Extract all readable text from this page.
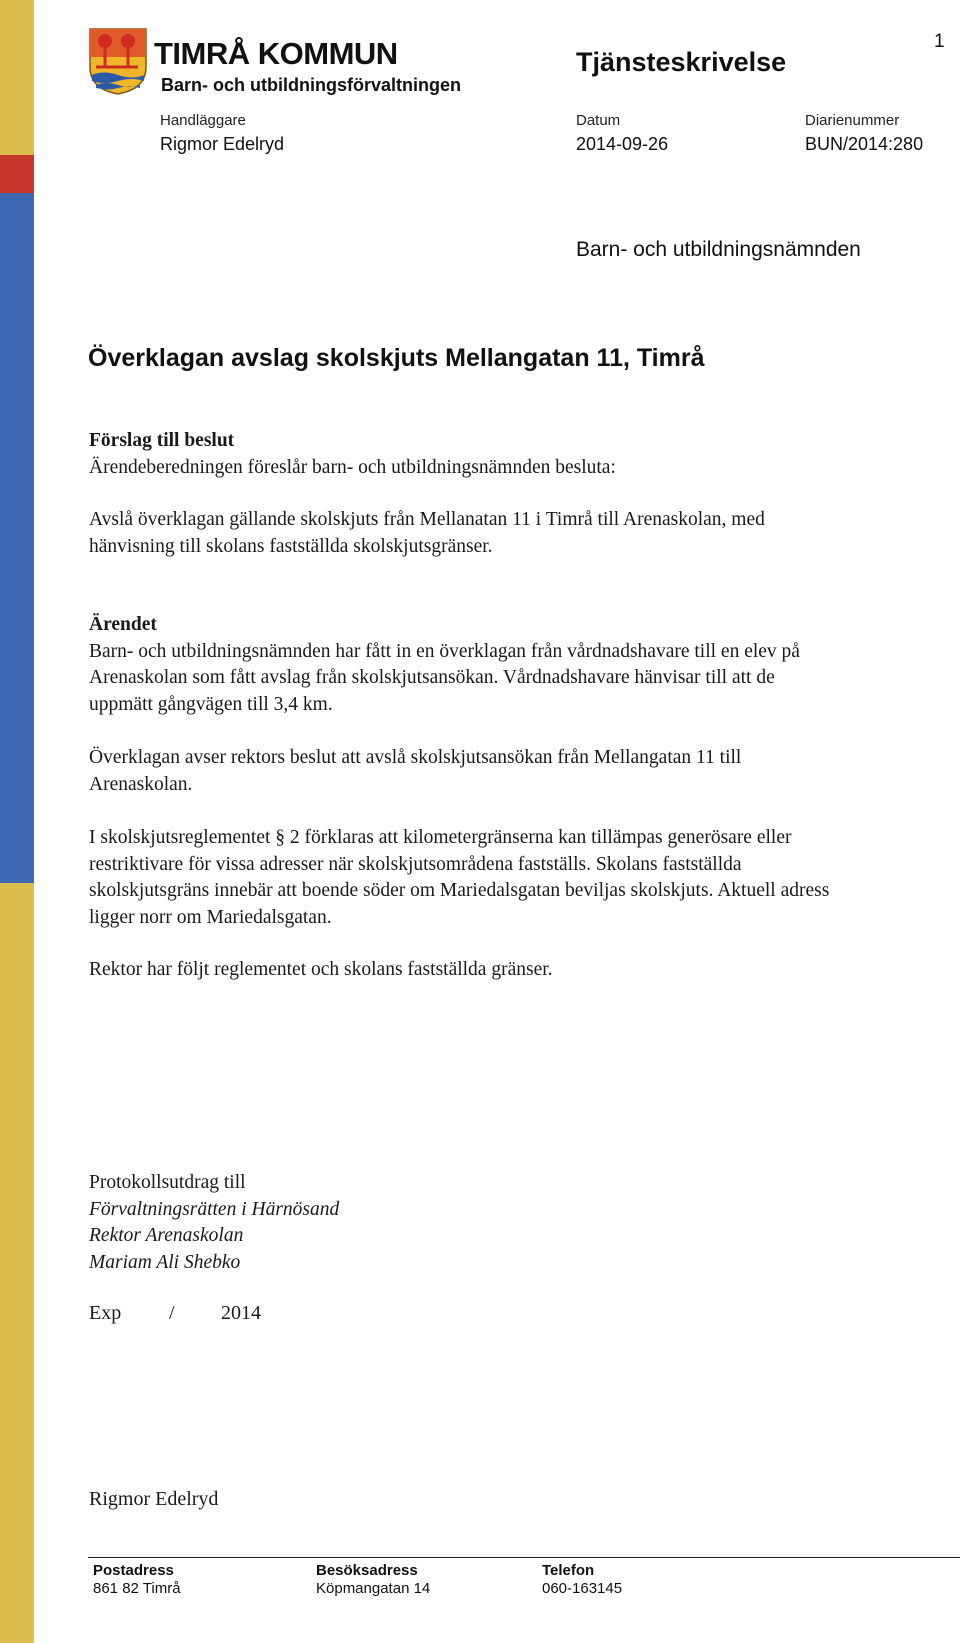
TIMRÅ KOMMUN
Barn- och utbildningsförvaltningen
Tjänsteskrivelse
1
Handläggare
Rigmor Edelryd
Datum
2014-09-26
Diarienummer
BUN/2014:280
Barn- och utbildningsnämnden
Överklagan avslag skolskjuts Mellangatan 11, Timrå

Förslag till beslut

Ärendeberedningen föreslår barn- och utbildningsnämnden besluta:

Avslå överklagan gällande skolskjuts från Mellanatan 11 i Timrå till Arenaskolan, med

hänvisning till skolans fastställda skolskjutsgränser.

Ärendet

Barn- och utbildningsnämnden har fått in en överklagan från vårdnadshavare till en elev på

Arenaskolan som fått avslag från skolskjutsansökan. Vårdnadshavare hänvisar till att de

uppmätt gångvägen till 3,4 km.

Överklagan avser rektors beslut att avslå skolskjutsansökan från Mellangatan 11 till

Arenaskolan.

I skolskjutsreglementet § 2 förklaras att kilometergränserna kan tillämpas generösare eller

restriktivare för vissa adresser när skolskjutsområdena fastställs. Skolans fastställda

skolskjutsgräns innebär att boende söder om Mariedalsgatan beviljas skolskjuts. Aktuell adress

ligger norr om Mariedalsgatan.

Rektor har följt reglementet och skolans fastställda gränser.

Protokollsutdrag till

Förvaltningsrätten i Härnösand

Rektor Arenaskolan

Mariam Ali Shebko

Exp / 2014
Rigmor Edelryd
Postadress
861 82 Timrå
Besöksadress
Köpmangatan 14
Telefon
060-163145
